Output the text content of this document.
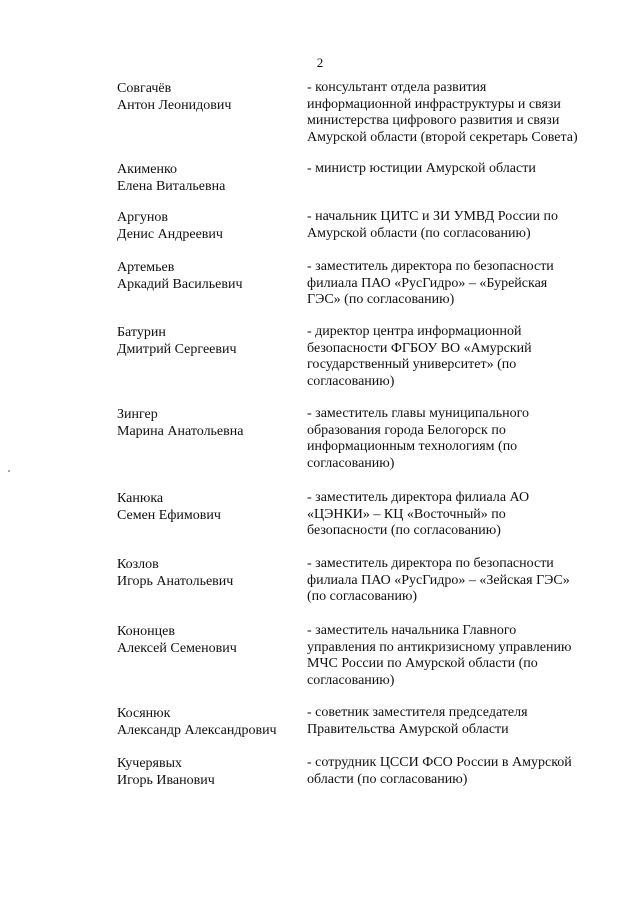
2
Совгачёв
Антон Леонидович
- консультант отдела развития
информационной инфраструктуры и связи
министерства цифрового развития и связи
Амурской области (второй секретарь Совета)
Акименко
Елена Витальевна
- министр юстиции Амурской области
Аргунов
Денис Андреевич
- начальник ЦИТС и ЗИ УМВД России по
Амурской области (по согласованию)
Артемьев
Аркадий Васильевич
- заместитель директора по безопасности
филиала ПАО «РусГидро» – «Бурейская
ГЭС» (по согласованию)
Батурин
Дмитрий Сергеевич
- директор центра информационной
безопасности ФГБОУ ВО «Амурский
государственный университет» (по
согласованию)
Зингер
Марина Анатольевна
- заместитель главы муниципального
образования города Белогорск по
информационным технологиям (по
согласованию)
Канюка
Семен Ефимович
- заместитель директора филиала АО
«ЦЭНКИ» – КЦ «Восточный» по
безопасности (по согласованию)
Козлов
Игорь Анатольевич
- заместитель директора по безопасности
филиала ПАО «РусГидро» – «Зейская ГЭС»
(по согласованию)
Кононцев
Алексей Семенович
- заместитель начальника Главного
управления по антикризисному управлению
МЧС России по Амурской области (по
согласованию)
Косянюк
Александр Александрович
- советник заместителя председателя
Правительства Амурской области
Кучерявых
Игорь Иванович
- сотрудник ЦССИ ФСО России в Амурской
области (по согласованию)
